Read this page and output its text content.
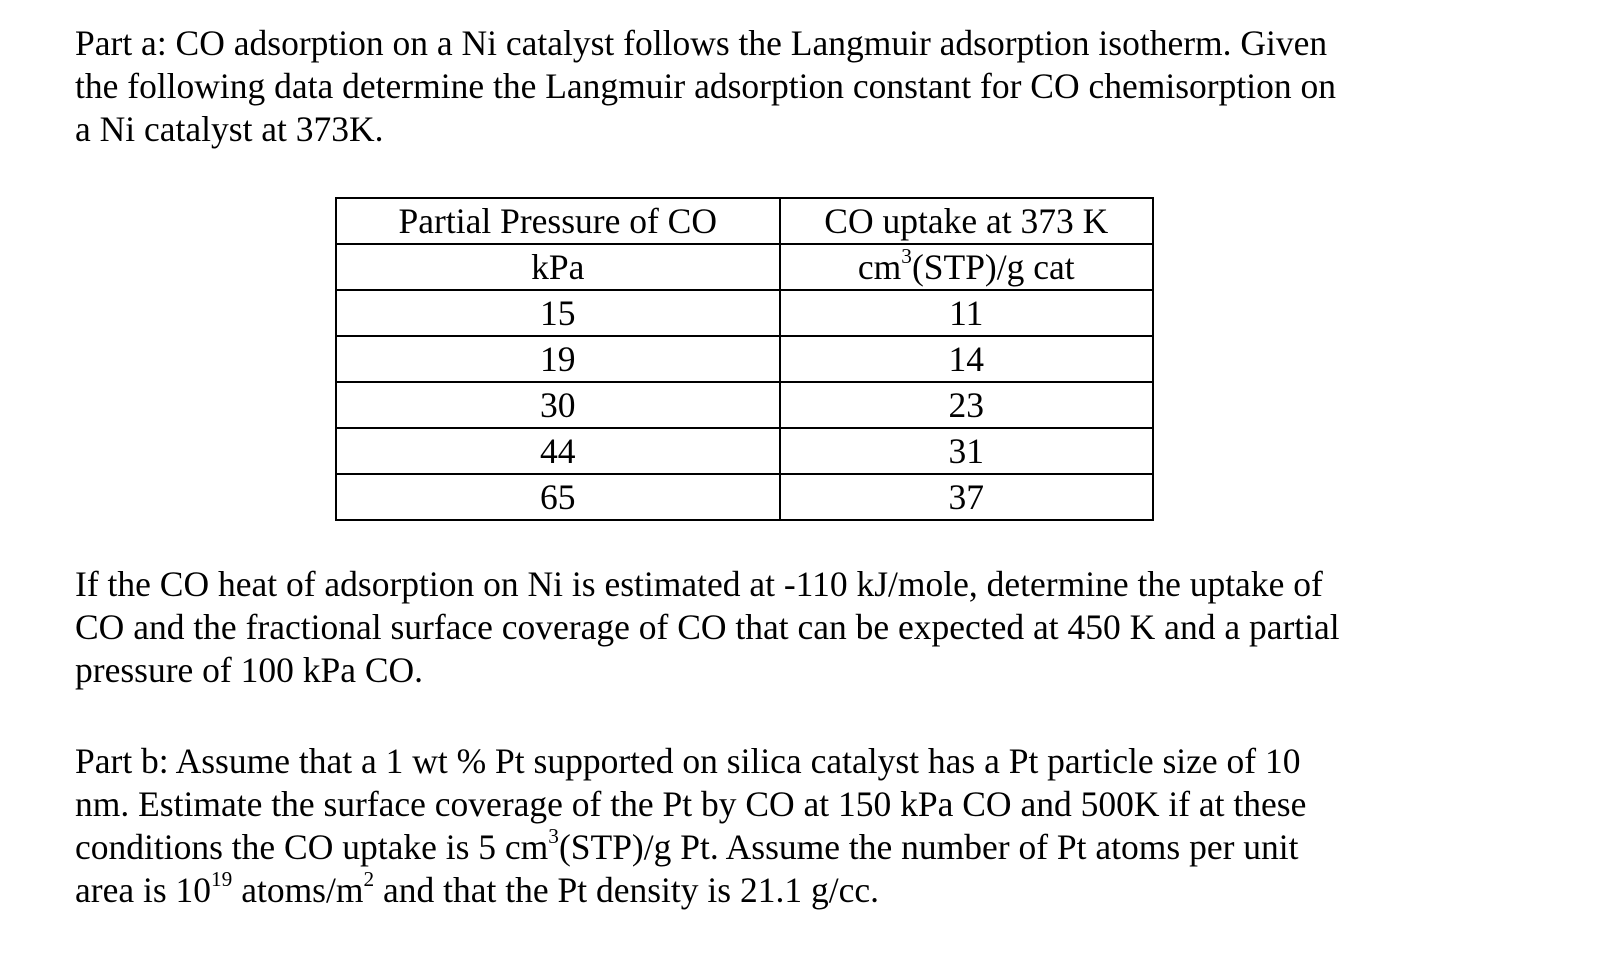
Part a: CO adsorption on a Ni catalyst follows the Langmuir adsorption isotherm. Given
the following data determine the Langmuir adsorption constant for CO chemisorption on
a Ni catalyst at 373K.

Partial Pressure of CO	CO uptake at 373 K
kPa	$cm^3(STP)/g$ cat
15	11
19	14
30	23
44	31
65	37

If the CO heat of adsorption on Ni is estimated at -110 kJ/mole, determine the uptake of
CO and the fractional surface coverage of CO that can be expected at 450 K and a partial
pressure of 100 kPa CO.

Part b: Assume that a 1 wt % Pt supported on silica catalyst has a Pt particle size of 10
nm. Estimate the surface coverage of the Pt by CO at 150 kPa CO and 500K if at these
conditions the CO uptake is 5 $cm^3(STP)/g$ Pt. Assume the number of Pt atoms per unit
area is $10^{19}$ atoms/$m^2$ and that the Pt density is 21.1 g/cc.
